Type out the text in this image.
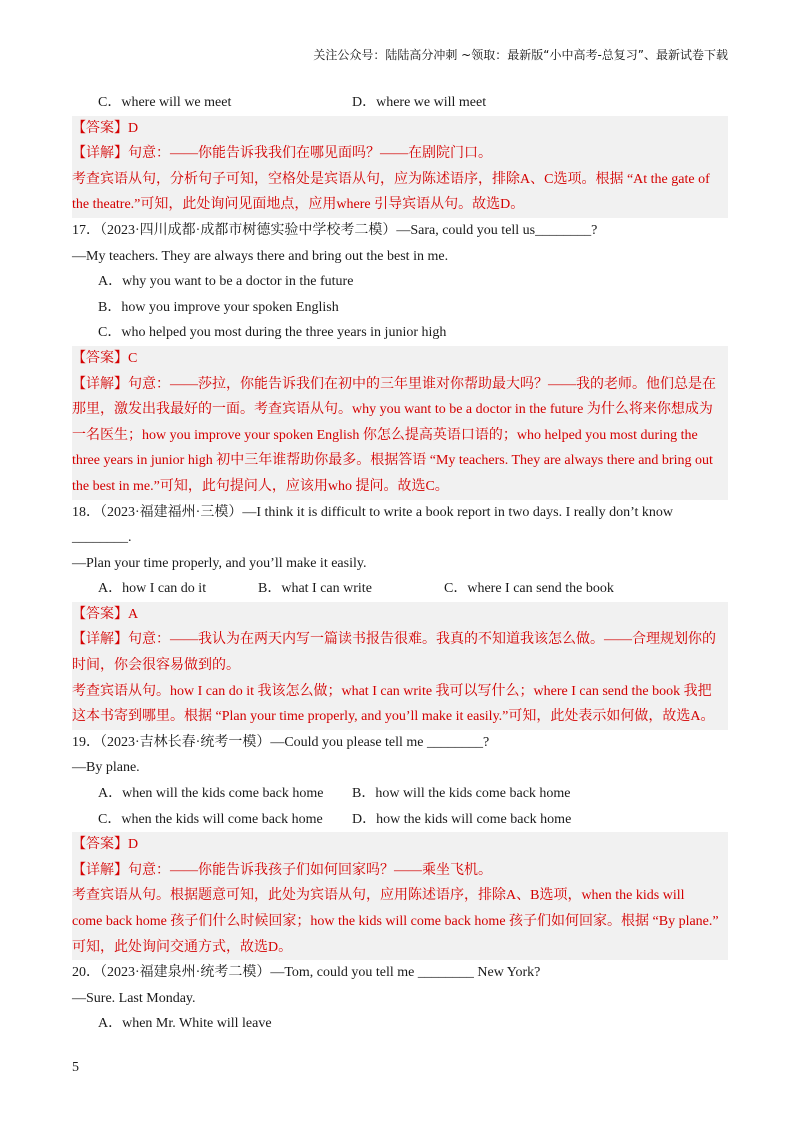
关注公众号：陆陆高分冲刺 ~领取：最新版“小中高考-总复习”、最新试卷下载
C．where will we meet	D．where we will meet
【答案】D
【详解】句意：——你能告诉我我们在哪见面吗？——在剧院门口。
考查宾语从句，分析句子可知，空格处是宾语从句，应为陈述语序，排除A、C选项。根据 “At the gate of
the theatre.”可知，此处询问见面地点，应用where 引导宾语从句。故选D。
17．（2023·四川成都·成都市树德实验中学校考二模）—Sara, could you tell us________?
—My teachers. They are always there and bring out the best in me.
A．why you want to be a doctor in the future
B．how you improve your spoken English
C．who helped you most during the three years in junior high
【答案】C
【详解】句意：——莎拉，你能告诉我们在初中的三年里谁对你帮助最大吗？——我的老师。他们总是在
那里，激发出我最好的一面。考查宾语从句。why you want to be a doctor in the future 为什么将来你想成为
一名医生；how you improve your spoken English 你怎么提高英语口语的；who helped you most during the
three years in junior high 初中三年谁帮助你最多。根据答语 “My teachers. They are always there and bring out
the best in me.”可知，此句提问人，应该用who 提问。故选C。
18．（2023·福建福州·三模）—I think it is difficult to write a book report in two days. I really don’t know
________.
—Plan your time properly, and you’ll make it easily.
A．how I can do it	B．what I can write	C．where I can send the book
【答案】A
【详解】句意：——我认为在两天内写一篇读书报告很难。我真的不知道我该怎么做。——合理规划你的
时间，你会很容易做到的。
考查宾语从句。how I can do it 我该怎么做；what I can write 我可以写什么；where I can send the book 我把
这本书寄到哪里。根据 “Plan your time properly, and you’ll make it easily.”可知，此处表示如何做，故选A。
19．（2023·吉林长春·统考一模）—Could you please tell me ________?
—By plane.
A．when will the kids come back home	B．how will the kids come back home
C．when the kids will come back home	D．how the kids will come back home
【答案】D
【详解】句意：——你能告诉我孩子们如何回家吗？——乘坐飞机。
考查宾语从句。根据题意可知，此处为宾语从句，应用陈述语序，排除A、B选项，when the kids will
come back home 孩子们什么时候回家；how the kids will come back home 孩子们如何回家。根据 “By plane.”
可知，此处询问交通方式，故选D。
20．（2023·福建泉州·统考二模）—Tom, could you tell me ________ New York?
—Sure. Last Monday.
A．when Mr. White will leave
5
